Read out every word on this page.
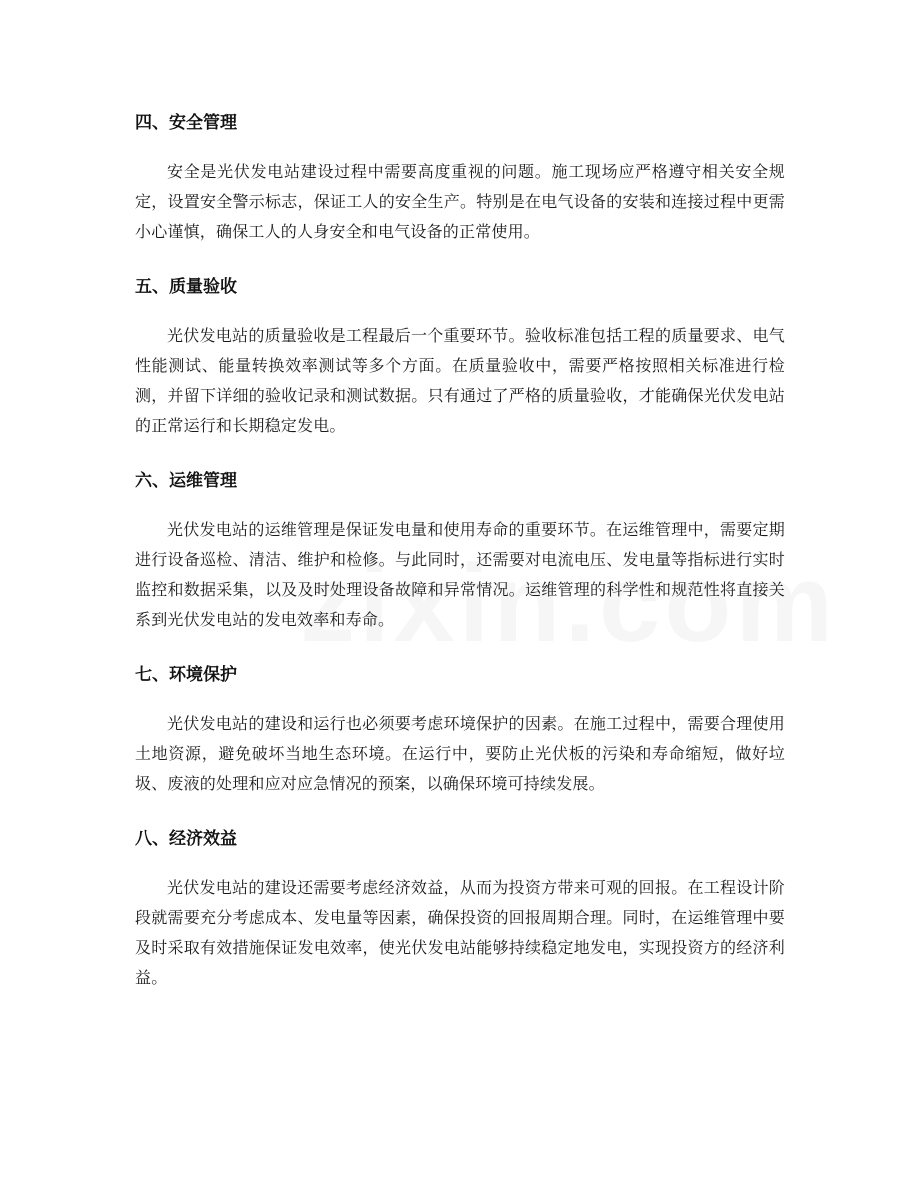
四、安全管理

安全是光伏发电站建设过程中需要高度重视的问题。施工现场应严格遵守相关安全规定，设置安全警示标志，保证工人的安全生产。特别是在电气设备的安装和连接过程中更需小心谨慎，确保工人的人身安全和电气设备的正常使用。

五、质量验收

光伏发电站的质量验收是工程最后一个重要环节。验收标准包括工程的质量要求、电气性能测试、能量转换效率测试等多个方面。在质量验收中，需要严格按照相关标准进行检测，并留下详细的验收记录和测试数据。只有通过了严格的质量验收，才能确保光伏发电站的正常运行和长期稳定发电。

六、运维管理

光伏发电站的运维管理是保证发电量和使用寿命的重要环节。在运维管理中，需要定期进行设备巡检、清洁、维护和检修。与此同时，还需要对电流电压、发电量等指标进行实时监控和数据采集，以及及时处理设备故障和异常情况。运维管理的科学性和规范性将直接关系到光伏发电站的发电效率和寿命。

七、环境保护

光伏发电站的建设和运行也必须要考虑环境保护的因素。在施工过程中，需要合理使用土地资源，避免破坏当地生态环境。在运行中，要防止光伏板的污染和寿命缩短，做好垃圾、废液的处理和应对应急情况的预案，以确保环境可持续发展。

八、经济效益

光伏发电站的建设还需要考虑经济效益，从而为投资方带来可观的回报。在工程设计阶段就需要充分考虑成本、发电量等因素，确保投资的回报周期合理。同时，在运维管理中要及时采取有效措施保证发电效率，使光伏发电站能够持续稳定地发电，实现投资方的经济利益。
